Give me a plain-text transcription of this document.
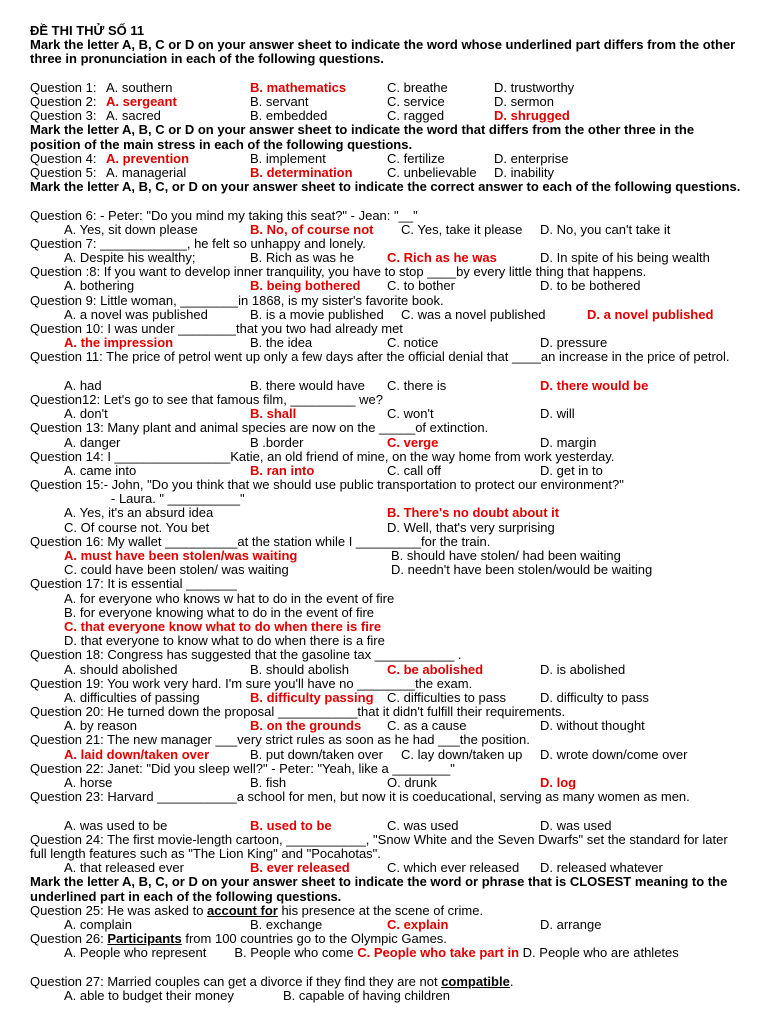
ĐỀ THI THỬ SỐ 11
Mark the letter A, B, C or D on your answer sheet to indicate the word whose underlined part differs from the other three in pronunciation in each of the following questions.
Question 1: A. southern	B. mathematics	C. breathe	D. trustworthy
Question 2: A. sergeant	B. servant	C. service	D. sermon
Question 3: A. sacred	B. embedded	C. ragged	D. shrugged
Mark the letter A, B, C or D on your answer sheet to indicate the word that differs from the other three in the position of the main stress in each of the following questions.
Question 4: A. prevention	B. implement	C. fertilize	D. enterprise
Question 5: A. managerial	B. determination	C. unbelievable D. inability
Mark the letter A, B, C, or D on your answer sheet to indicate the correct answer to each of the following questions.
Question 6: - Peter: "Do you mind my taking this seat?" - Jean: "__"
A. Yes, sit down please	B. No, of course not C. Yes, take it please D. No, you can't take it
Question 7: ____________, he felt so unhappy and lonely.
A. Despite his wealthy;	B. Rich as was he	C. Rich as he was	D. In spite of his being wealth
Question :8: If you want to develop inner tranquility, you have to stop ____by every little thing that happens.
A. bothering	B. being bothered C. to bother	D. to be bothered
Question 9: Little woman, ________in 1868, is my sister's favorite book.
A. a novel was published	B. is a movie published C. was a novel published	D. a novel published
Question 10: I was under ________that you two had already met
A. the impression	B. the idea	C. notice	D. pressure
Question 11: The price of petrol went up only a few days after the official denial that ____an increase in the price of petrol.
A. had	B. there would have C. there is	D. there would be
Question12: Let's go to see that famous film, _________ we?
A. don't	B. shall	C. won't	D. will
Question 13: Many plant and animal species are now on the _____of extinction.
A. danger	B .border	C. verge	D. margin
Question 14: I ________________Katie, an old friend of mine, on the way home from work yesterday.
A. came into	B. ran into	C. call off	D. get in to
Question 15:- John, "Do you think that we should use public transportation to protect our environment?"
- Laura. " __________"
A. Yes, it's an absurd idea	B. There's no doubt about it
C. Of course not. You bet	D. Well, that's very surprising
Question 16: My wallet __________at the station while I _________for the train.
A. must have been stolen/was waiting	B. should have stolen/ had been waiting
C. could have been stolen/ was waiting	D. needn't have been stolen/would be waiting
Question 17: It is essential _______
A. for everyone who knows w hat to do in the event of fire
B. for everyone knowing what to do in the event of fire
C. that everyone know what to do when there is fire
D. that everyone to know what to do when there is a fire
Question 18: Congress has suggested that the gasoline tax ___________ .
A. should abolished	B. should abolish	C. be abolished	D. is abolished
Question 19: You work very hard. I'm sure you'll have no ________the exam.
A. difficulties of passing	B. difficulty passing C. difficulties to pass	D. difficulty to pass
Question 20: He turned down the proposal ___________that it didn't fulfill their requirements.
A. by reason	B. on the grounds C. as a cause	D. without thought
Question 21: The new manager ___very strict rules as soon as he had ___the position.
A. laid down/taken over	B. put down/taken over C. lay down/taken up D. wrote down/come over
Question 22: Janet: "Did you sleep well?" - Peter: "Yeah, like a ________"
A. horse	B. fish	O. drunk	D. log
Question 23: Harvard ___________a school for men, but now it is coeducational, serving as many women as men.
A. was used to be	B. used to be	C. was used	D. was used
Question 24: The first movie-length cartoon, ___________, "Snow White and the Seven Dwarfs" set the standard for later full length features such as "The Lion King" and "Pocahotas".
A. that released ever	B. ever released	C. which ever released D. released whatever
Mark the letter A, B, C, or D on your answer sheet to indicate the word or phrase that is CLOSEST meaning to the underlined part in each of the following questions.
Question 25: He was asked to account for his presence at the scene of crime.
A. complain	B. exchange	C. explain	D. arrange
Question 26: Participants from 100 countries go to the Olympic Games.
A. People who represent B. People who come C. People who take part in D. People who are athletes
Question 27: Married couples can get a divorce if they find they are not compatible.
A. able to budget their money	B. capable of having children
